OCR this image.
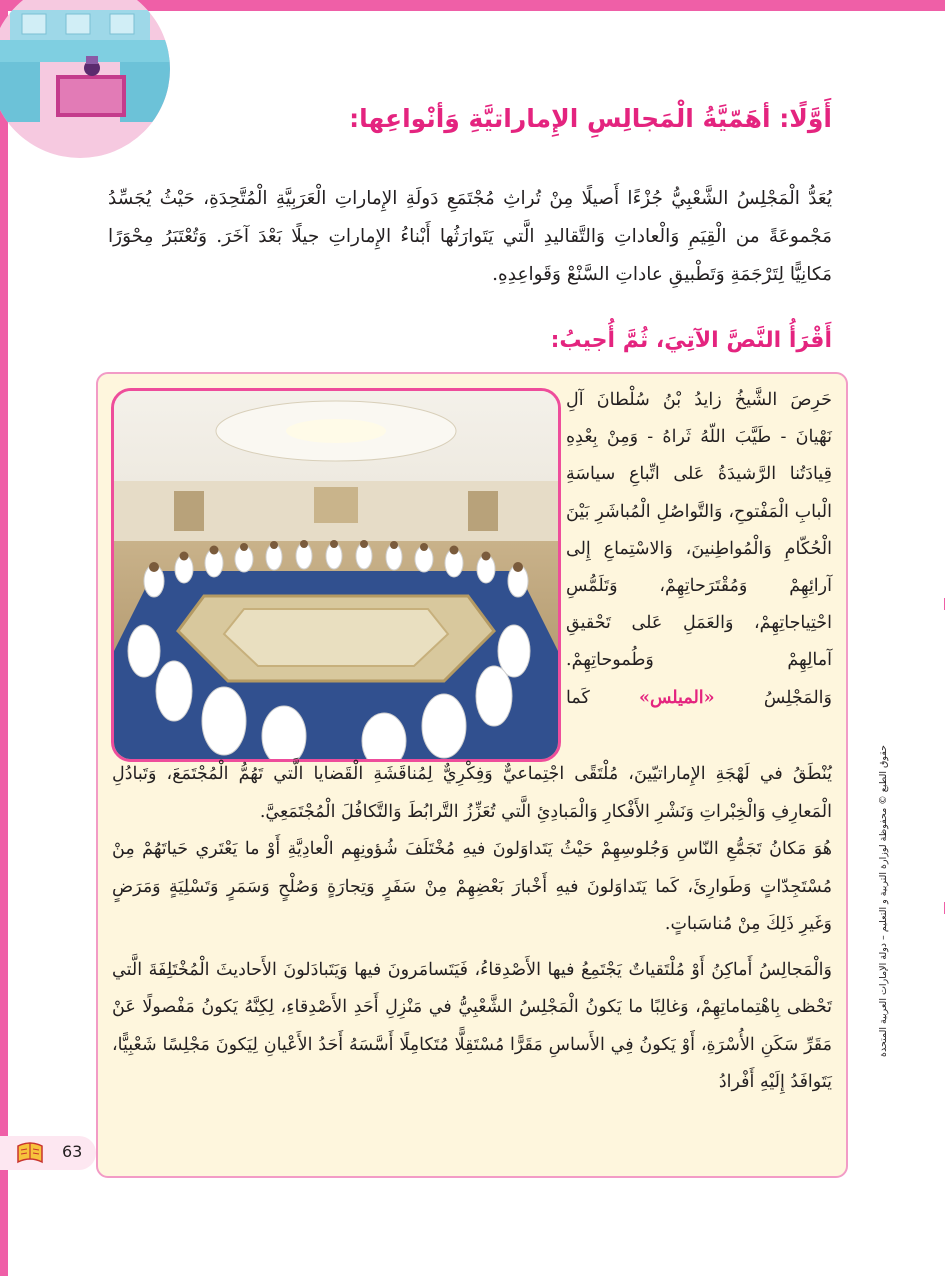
أَوَّلًا: أهَمّيَّةُ الْمَجالِسِ الإِماراتيَّةِ وَأنْواعِها:
يُعَدُّ الْمَجْلِسُ الشَّعْبِيُّ جُزْءًا أَصيلًا مِنْ تُراثِ مُجْتَمَعِ دَولَةِ الإِماراتِ الْعَرَبِيَّةِ الْمُتَّحِدَةِ، حَيْثُ يُجَسِّدُ مَجْموعَةً من الْقِيَمِ وَالْعاداتِ وَالتَّقاليدِ الَّتي يَتَوارَثُها أَبْناءُ الإِماراتِ جيلًا بَعْدَ آخَرَ. وَتُعْتَبَرُ مِحْوَرًا مَكانِيًّا لِتَرْجَمَةِ وَتَطْبيقِ عاداتِ السَّنْعْ وَقَواعِدِهِ.
أَقْرَأُ النَّصَّ الآتِيَ، ثُمَّ أُجيبُ:

حَرِصَ الشَّيخُ زايدُ بْنُ سُلْطانَ آلِ نَهْيانَ - طَيَّبَ اللّهُ ثَراهُ - وَمِنْ بِعْدِهِ قِيادَتُنا الرَّشيدَةُ عَلى اتِّباعِ سياسَةِ الْبابِ الْمَفْتوحِ، وَالتَّواصُلِ الْمُباشَرِ بَيْنَ الْحُكّامِ وَالْمُواطِنينَ، وَالاسْتِماعِ إِلى آرائِهِمْ وَمُقْتَرَحاتِهِمْ، وَتَلَمُّسِ احْتِياجاتِهِمْ، وَالعَمَلِ عَلى تَحْقيقِ آمالِهِمْ وَطُموحاتِهِمْ.

وَالمَجْلِسُ «الميلس» كَما

يُنْطَقُ في لَهْجَةِ الإِماراتيّينَ، مُلْتَقًى اجْتِماعيٌّ وَفِكْرِيٌّ لِمُناقَشَةِ الْقَضايا الَّتي تَهُمُّ الْمُجْتَمَعَ، وَتَبادُلِ الْمَعارِفِ وَالْخِبْراتِ وَنَشْرِ الأَفْكارِ وَالْمَبادِئِ الَّتي تُعَزِّزُ التَّرابُطَ وَالتَّكافُلَ الْمُجْتَمَعِيَّ.

هُوَ مَكانُ تَجَمُّعِ النّاسِ وَجُلوسِهِمْ حَيْثُ يَتَداوَلونَ فيهِ مُخْتَلَفَ شُؤونِهِم الْعادِيَّةِ أَوْ ما يَعْتَري حَياتَهُمْ مِنْ مُسْتَجِدّاتٍ وَطَوارِئَ، كَما يَتَداوَلونَ فيهِ أَخْبارَ بَعْضِهِمْ مِنْ سَفَرٍ وَتِجارَةٍ وَصُلْحٍ وَسَمَرٍ وَتَسْلِيَةٍ وَمَرَضٍ وَغَيرِ ذَلِكَ مِنْ مُناسَباتٍ.

وَالْمَجالِسُ أَماكِنُ أَوْ مُلْتَقياتٌ يَجْتَمِعُ فيها الأَصْدِقاءُ، فَيَتَسامَرونَ فيها وَيَتَبادَلونَ الأَحاديثَ الْمُخْتَلِفَةَ الَّتي تَحْظى بِاهْتِماماتِهِمْ، وَغالِبًا ما يَكونُ الْمَجْلِسُ الشَّعْبِيُّ في مَنْزِلِ أَحَدِ الأَصْدِقاءِ، لِكِنَّهُ يَكونُ مَفْصولًا عَنْ مَقَرِّ سَكَنِ الأُسْرَةِ، أَوْ يَكونُ فِي الأَساسِ مَقَرًّا مُسْتَقِلًّا مُتَكامِلًا أَسَّسَهُ أَحَدُ الأَعْيانِ لِيَكونَ مَجْلِسًا شَعْبِيًّا، يَتَوافَدُ إِلَيْهِ أَفْرادُ

حقوق الطبع © محفوظة لوزارة التربية و التعليم – دولة الإمارات العربية المتحدة
63
